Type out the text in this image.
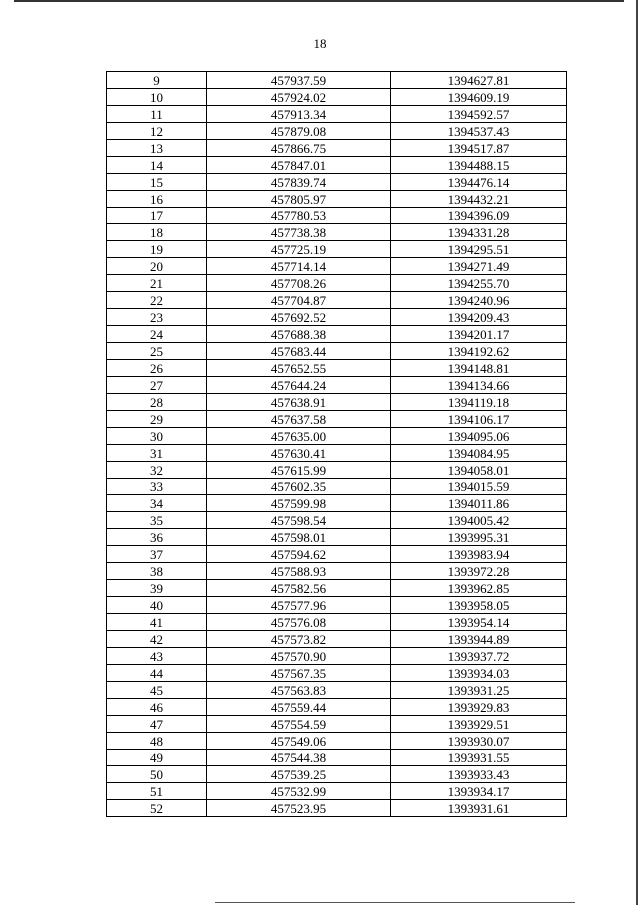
18
9	457937.59	1394627.81
10	457924.02	1394609.19
11	457913.34	1394592.57
12	457879.08	1394537.43
13	457866.75	1394517.87
14	457847.01	1394488.15
15	457839.74	1394476.14
16	457805.97	1394432.21
17	457780.53	1394396.09
18	457738.38	1394331.28
19	457725.19	1394295.51
20	457714.14	1394271.49
21	457708.26	1394255.70
22	457704.87	1394240.96
23	457692.52	1394209.43
24	457688.38	1394201.17
25	457683.44	1394192.62
26	457652.55	1394148.81
27	457644.24	1394134.66
28	457638.91	1394119.18
29	457637.58	1394106.17
30	457635.00	1394095.06
31	457630.41	1394084.95
32	457615.99	1394058.01
33	457602.35	1394015.59
34	457599.98	1394011.86
35	457598.54	1394005.42
36	457598.01	1393995.31
37	457594.62	1393983.94
38	457588.93	1393972.28
39	457582.56	1393962.85
40	457577.96	1393958.05
41	457576.08	1393954.14
42	457573.82	1393944.89
43	457570.90	1393937.72
44	457567.35	1393934.03
45	457563.83	1393931.25
46	457559.44	1393929.83
47	457554.59	1393929.51
48	457549.06	1393930.07
49	457544.38	1393931.55
50	457539.25	1393933.43
51	457532.99	1393934.17
52	457523.95	1393931.61
